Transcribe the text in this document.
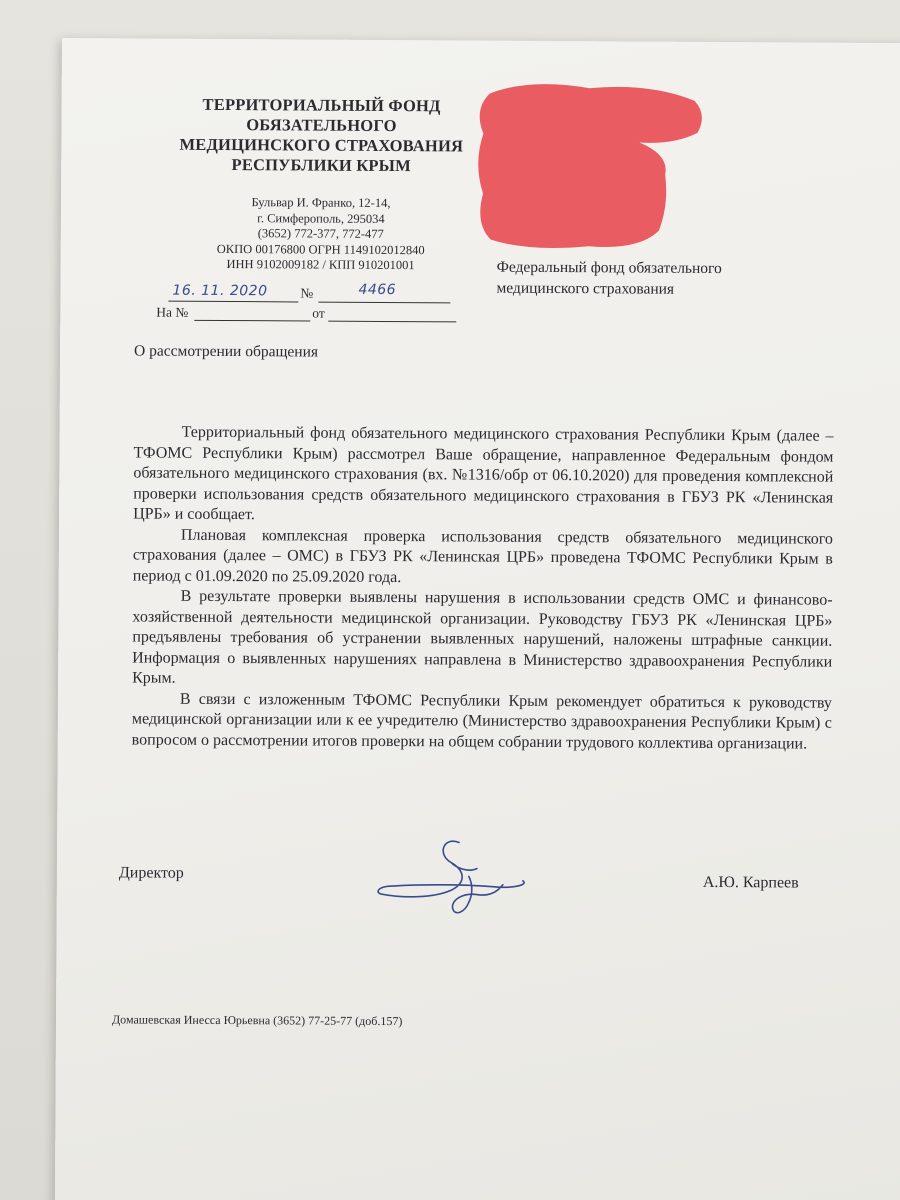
ТЕРРИТОРИАЛЬНЫЙ ФОНД
ОБЯЗАТЕЛЬНОГО
МЕДИЦИНСКОГО СТРАХОВАНИЯ
РЕСПУБЛИКИ КРЫМ
Бульвар И. Франко, 12-14,
г. Симферополь, 295034
(3652) 772-377, 772-477
ОКПО 00176800 ОГРН 1149102012840
ИНН 9102009182 / КПП 910201001
16. 11. 2020 №	4466
На №	от
Федеральный фонд обязательного
медицинского страхования
О рассмотрении обращения

Территориальный фонд обязательного медицинского страхования Республики Крым (далее – ТФОМС Республики Крым) рассмотрел Ваше обращение, направленное Федеральным фондом обязательного медицинского страхования (вх. №1316/обр от 06.10.2020) для проведения комплексной проверки использования средств обязательного медицинского страхования в ГБУЗ РК «Ленинская ЦРБ» и сообщает.

Плановая комплексная проверка использования средств обязательного медицинского страхования (далее – ОМС) в ГБУЗ РК «Ленинская ЦРБ» проведена ТФОМС Республики Крым в период с 01.09.2020 по 25.09.2020 года.

В результате проверки выявлены нарушения в использовании средств ОМС и финансово-хозяйственной деятельности медицинской организации. Руководству ГБУЗ РК «Ленинская ЦРБ» предъявлены требования об устранении выявленных нарушений, наложены штрафные санкции. Информация о выявленных нарушениях направлена в Министерство здравоохранения Республики Крым.

В связи с изложенным ТФОМС Республики Крым рекомендует обратиться к руководству медицинской организации или к ее учредителю (Министерство здравоохранения Республики Крым) с вопросом о рассмотрении итогов проверки на общем собрании трудового коллектива организации.

Директор
А.Ю. Карпеев
Домашевская Инесса Юрьевна (3652) 77-25-77 (доб.157)
